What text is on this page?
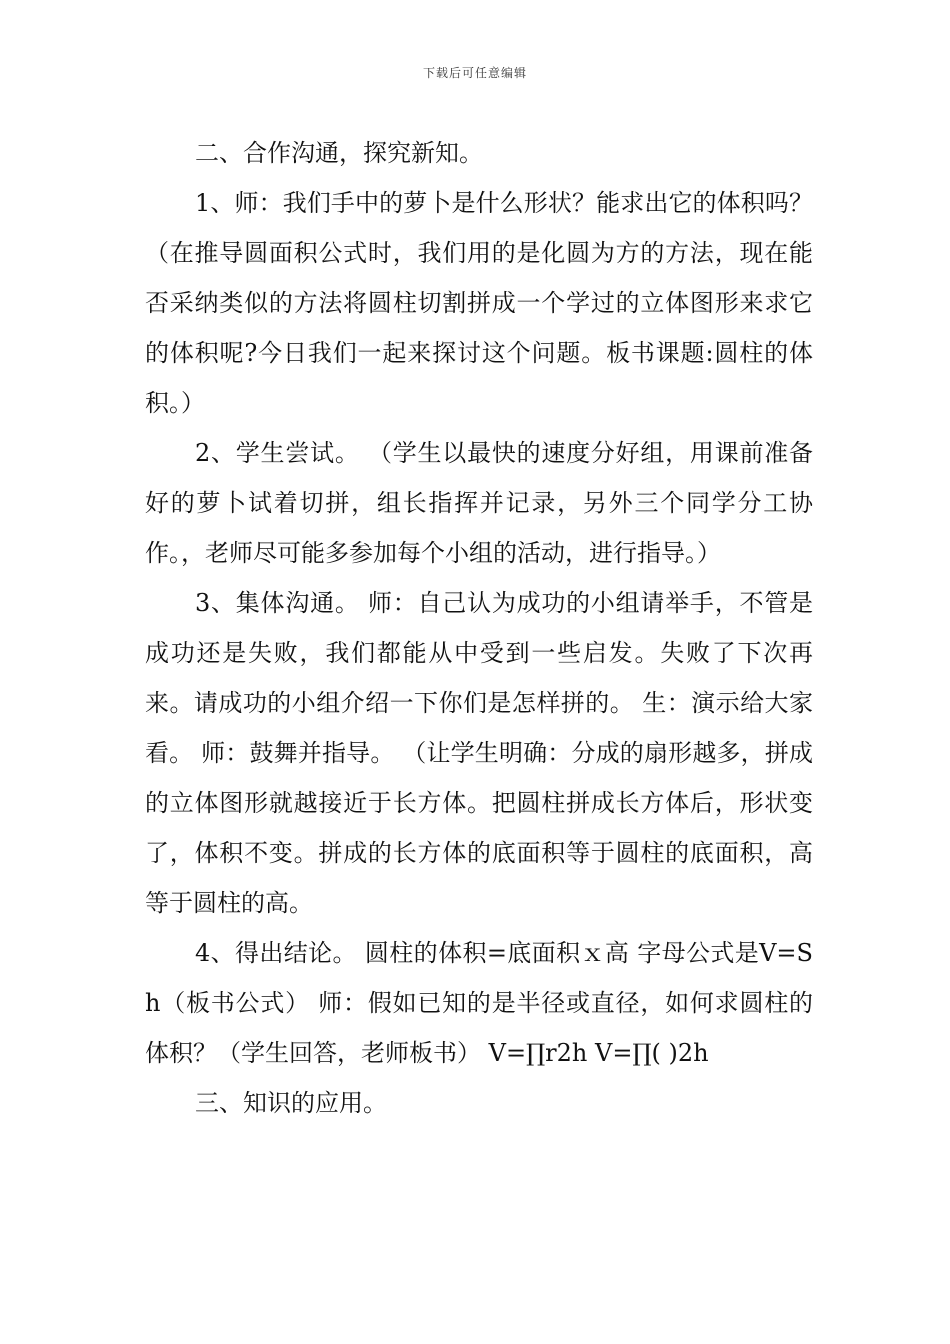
下载后可任意编辑

二、合作沟通，探究新知。

1、师：我们手中的萝卜是什么形状？能求出它的体积吗？ （在推导圆面积公式时，我们用的是化圆为方的方法，现在能否采纳类似的方法将圆柱切割拼成一个学过的立体图形来求它的体积呢?今日我们一起来探讨这个问题。板书课题:圆柱的体积。）

2、学生尝试。 （学生以最快的速度分好组，用课前准备好的萝卜试着切拼，组长指挥并记录，另外三个同学分工协作。，老师尽可能多参加每个小组的活动，进行指导。）

3、集体沟通。 师：自己认为成功的小组请举手，不管是成功还是失败，我们都能从中受到一些启发。失败了下次再来。请成功的小组介绍一下你们是怎样拼的。 生：演示给大家看。 师：鼓舞并指导。 （让学生明确：分成的扇形越多，拼成的立体图形就越接近于长方体。把圆柱拼成长方体后，形状变了，体积不变。拼成的长方体的底面积等于圆柱的底面积，高等于圆柱的高。

4、得出结论。 圆柱的体积=底面积ｘ高 字母公式是V=Sh（板书公式） 师：假如已知的是半径或直径，如何求圆柱的体积？（学生回答，老师板书） V=∏r2h V=∏( )2h

三、知识的应用。
